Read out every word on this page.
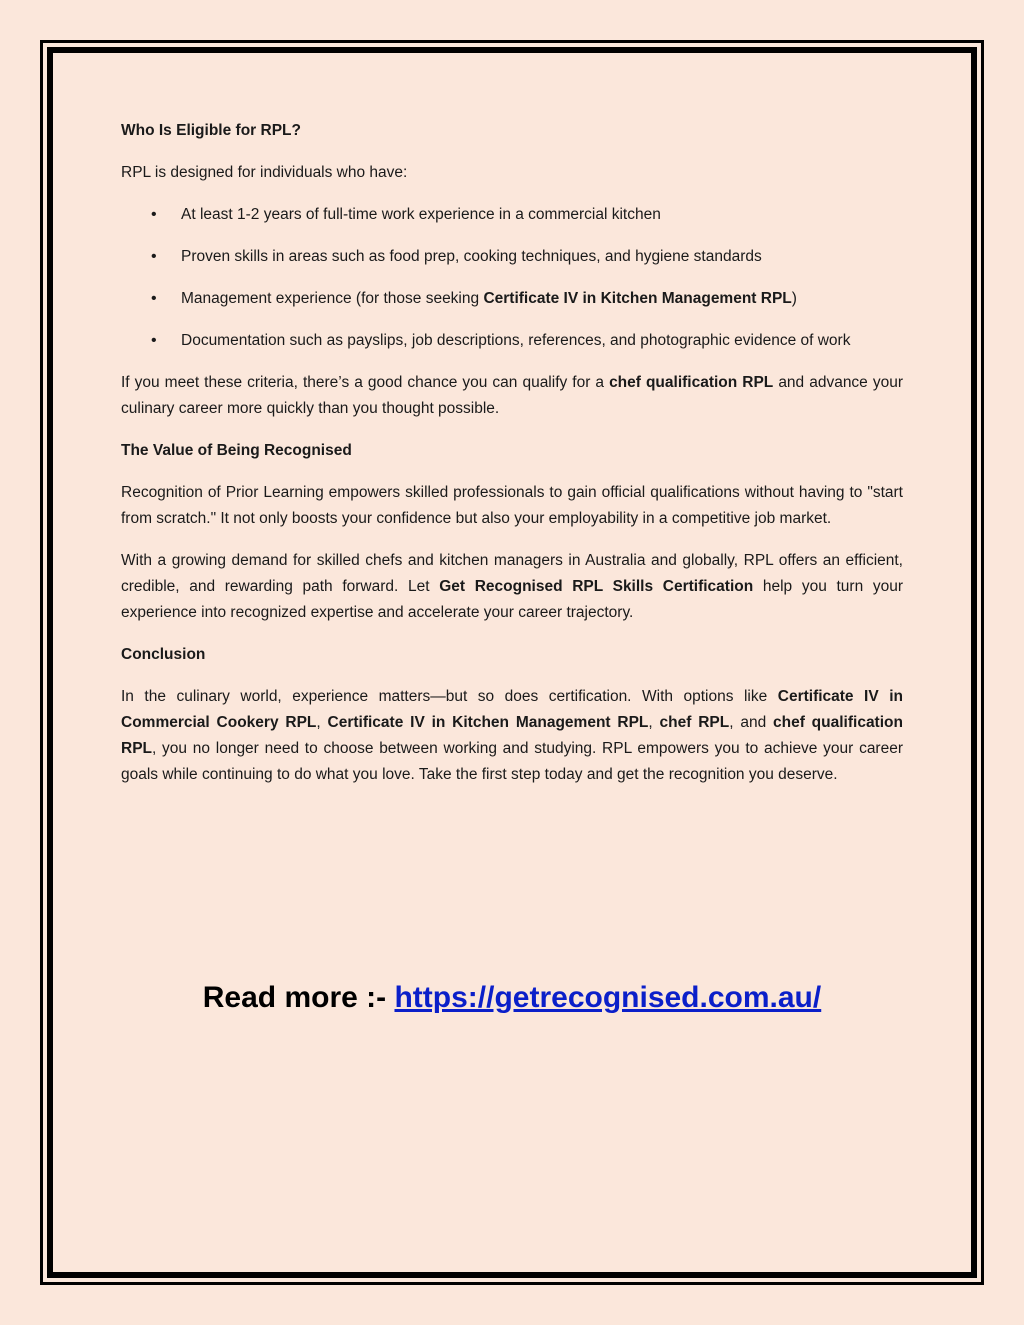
Who Is Eligible for RPL?

RPL is designed for individuals who have:

• At least 1-2 years of full-time work experience in a commercial kitchen
• Proven skills in areas such as food prep, cooking techniques, and hygiene standards
• Management experience (for those seeking Certificate IV in Kitchen Management RPL)
• Documentation such as payslips, job descriptions, references, and photographic evidence of work

If you meet these criteria, there’s a good chance you can qualify for a chef qualification RPL and advance your culinary career more quickly than you thought possible.

The Value of Being Recognised

Recognition of Prior Learning empowers skilled professionals to gain official qualifications without having to "start from scratch." It not only boosts your confidence but also your employability in a competitive job market.

With a growing demand for skilled chefs and kitchen managers in Australia and globally, RPL offers an efficient, credible, and rewarding path forward. Let Get Recognised RPL Skills Certification help you turn your experience into recognized expertise and accelerate your career trajectory.

Conclusion

In the culinary world, experience matters—but so does certification. With options like Certificate IV in Commercial Cookery RPL, Certificate IV in Kitchen Management RPL, chef RPL, and chef qualification RPL, you no longer need to choose between working and studying. RPL empowers you to achieve your career goals while continuing to do what you love. Take the first step today and get the recognition you deserve.

Read more :- https://getrecognised.com.au/
